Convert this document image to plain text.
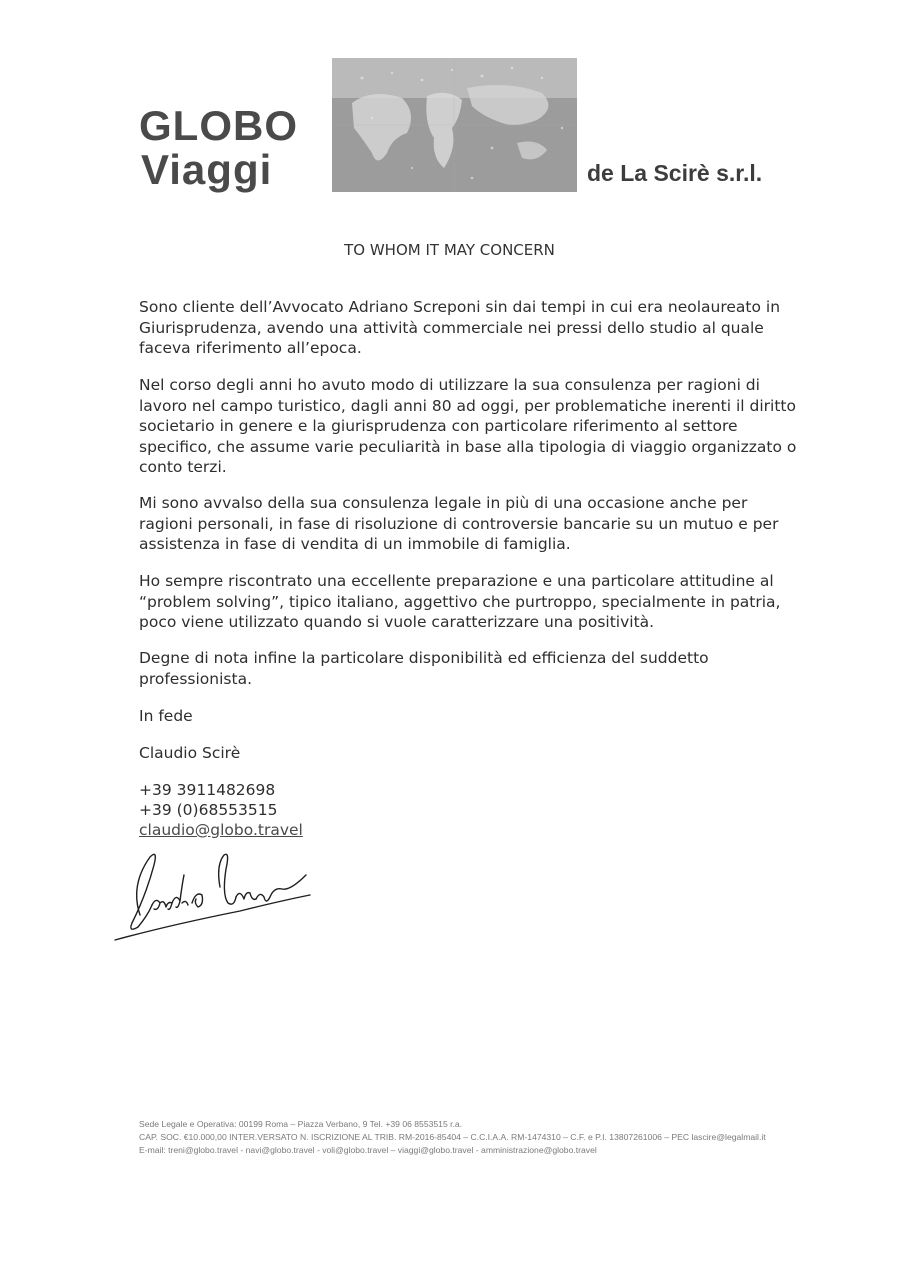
GLOBO
Viaggi	de La Scirè s.r.l.
TO WHOM IT MAY CONCERN

Sono cliente dell’Avvocato Adriano Screponi sin dai tempi in cui era neolaureato in Giurisprudenza, avendo una attività commerciale nei pressi dello studio al quale faceva riferimento all’epoca.

Nel corso degli anni ho avuto modo di utilizzare la sua consulenza per ragioni di lavoro nel campo turistico, dagli anni 80 ad oggi, per problematiche inerenti il diritto societario in genere e la giurisprudenza con particolare riferimento al settore specifico, che assume varie peculiarità in base alla tipologia di viaggio organizzato o conto terzi.

Mi sono avvalso della sua consulenza legale in più di una occasione anche per ragioni personali, in fase di risoluzione di controversie bancarie su un mutuo e per assistenza in fase di vendita di un immobile di famiglia.

Ho sempre riscontrato una eccellente preparazione e una particolare attitudine al “problem solving”, tipico italiano, aggettivo che purtroppo, specialmente in patria, poco viene utilizzato quando si vuole caratterizzare una positività.

Degne di nota infine la particolare disponibilità ed efficienza del suddetto professionista.

In fede
Claudio Scirè
+39 3911482698
+39 (0)68553515
claudio@globo.travel
Sede Legale e Operativa: 00199 Roma – Piazza Verbano, 9 Tel. +39 06 8553515 r.a.
CAP. SOC. €10.000,00 INTER.VERSATO N. ISCRIZIONE AL TRIB. RM-2016-85404 – C.C.I.A.A. RM-1474310 – C.F. e P.I. 13807261006 – PEC lascire@legalmail.it
E-mail: treni@globo.travel - navi@globo.travel - voli@globo.travel – viaggi@globo.travel - amministrazione@globo.travel
